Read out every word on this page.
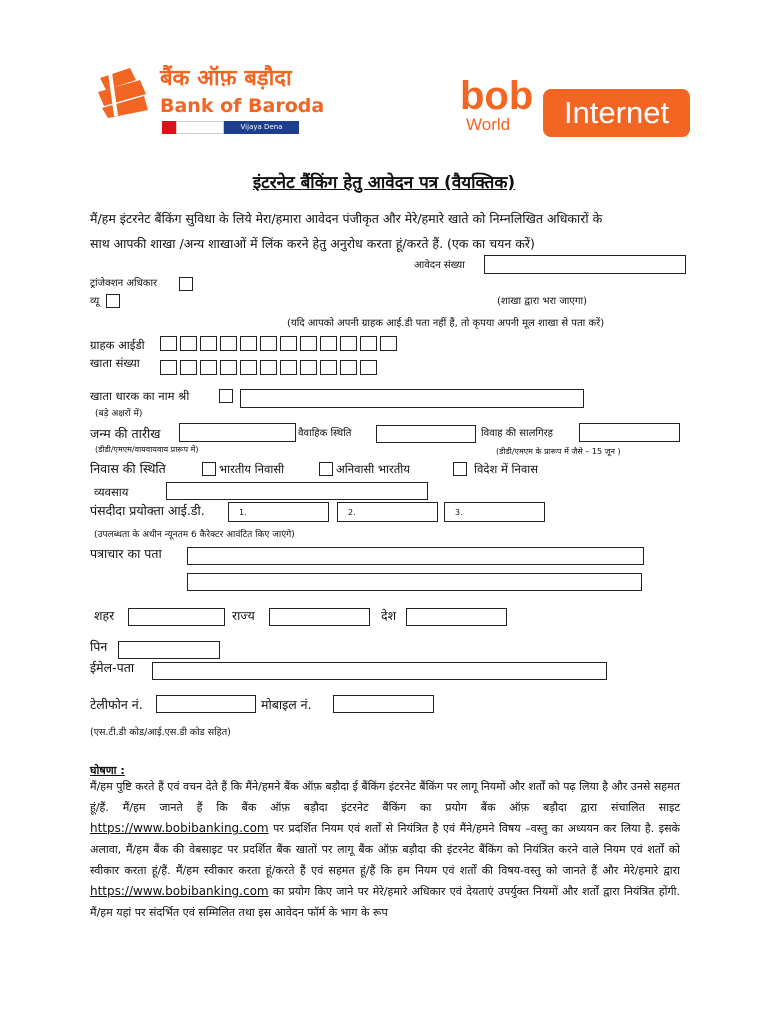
बैंक ऑफ़ बड़ौदा
Bank of Baroda
Vijaya Dena
bob
World	Internet
इंटरनेट बैंकिंग हेतु आवेदन पत्र (वैयक्तिक)
मैं/हम इंटरनेट बैंकिंग सुविधा के लिये मेरा/हमारा आवेदन पंजीकृत और मेरे/हमारे खाते को निम्नलिखित अधिकारों के
साथ आपकी शाखा /अन्य शाखाओं में लिंक करने हेतु अनुरोध करता हूं/करते हैं. (एक का चयन करें)
आवेदन संख्या
ट्रांजेक्शन अधिकार
व्यू	(शाखा द्वारा भरा जाएगा)
(यदि आपको अपनी ग्राहक आई.डी पता नहीं हैं, तो कृपया अपनी मूल शाखा से पता करें)
ग्राहक आईडी
खाता संख्या
खाता धारक का नाम श्री
(बड़े अक्षरों में)
जन्म की तारीख	वैवाहिक स्थिति	विवाह की सालगिरह
(डीडी/एमएम/वायवायवाय प्रारूप में)	(डीडी/एमएम के प्रारूप में जैसे – 15 जून )
निवास की स्थिति	भारतीय निवासी	अनिवासी भारतीय	विदेश में निवास
व्यवसाय
पंसदीदा प्रयोक्ता आई.डी.	1.	2.	3.
(उपलब्धता के अधीन न्यूनतम 6 कैरेक्टर आवंटित किए जाएंगे)
पत्राचार का पता
शहर	राज्य	देश
पिन
ईमेल-पता
टेलीफोन नं.	मोबाइल नं.
(एस.टी.डी कोड/आई.एस.डी कोड सहित)
घोषणा :
मैं/हम पुष्टि करते हैं एवं वचन देते हैं कि मैंने/हमने बैंक ऑफ़ बड़ौदा ई बैंकिंग इंटरनेट बैंकिंग पर लागू नियमों और शर्तों को पढ़ लिया है और उनसे सहमत हूं/हैं. मैं/हम जानते हैं कि बैंक ऑफ़ बड़ौदा इंटरनेट बैंकिंग का प्रयोग बैंक ऑफ़ बड़ौदा द्वारा संचालित साइट https://www.bobibanking.com पर प्रदर्शित नियम एवं शर्तों से नियंत्रित है एवं मैंने/हमने विषय –वस्तु का अध्ययन कर लिया है. इसके अलावा, मैं/हम बैंक की वेबसाइट पर प्रदर्शित बैंक खातों पर लागू बैंक ऑफ़ बड़ौदा की इंटरनेट बैंकिंग को नियंत्रित करने वाले नियम एवं शर्तों को स्वीकार करता हूं/हैं. मैं/हम स्वीकार करता हूं/करते हैं एवं सहमत हूं/हैं कि हम नियम एवं शर्तों की विषय-वस्तु को जानते हैं और मेरे/हमारे द्वारा https://www.bobibanking.com का प्रयोग किए जाने पर मेरे/हमारे अधिकार एवं देयताएं उपर्युक्त नियमों और शर्तों द्वारा नियंत्रित होंगी. मैं/हम यहां पर संदर्भित एवं सम्मिलित तथा इस आवेदन फॉर्म के भाग के रूप
